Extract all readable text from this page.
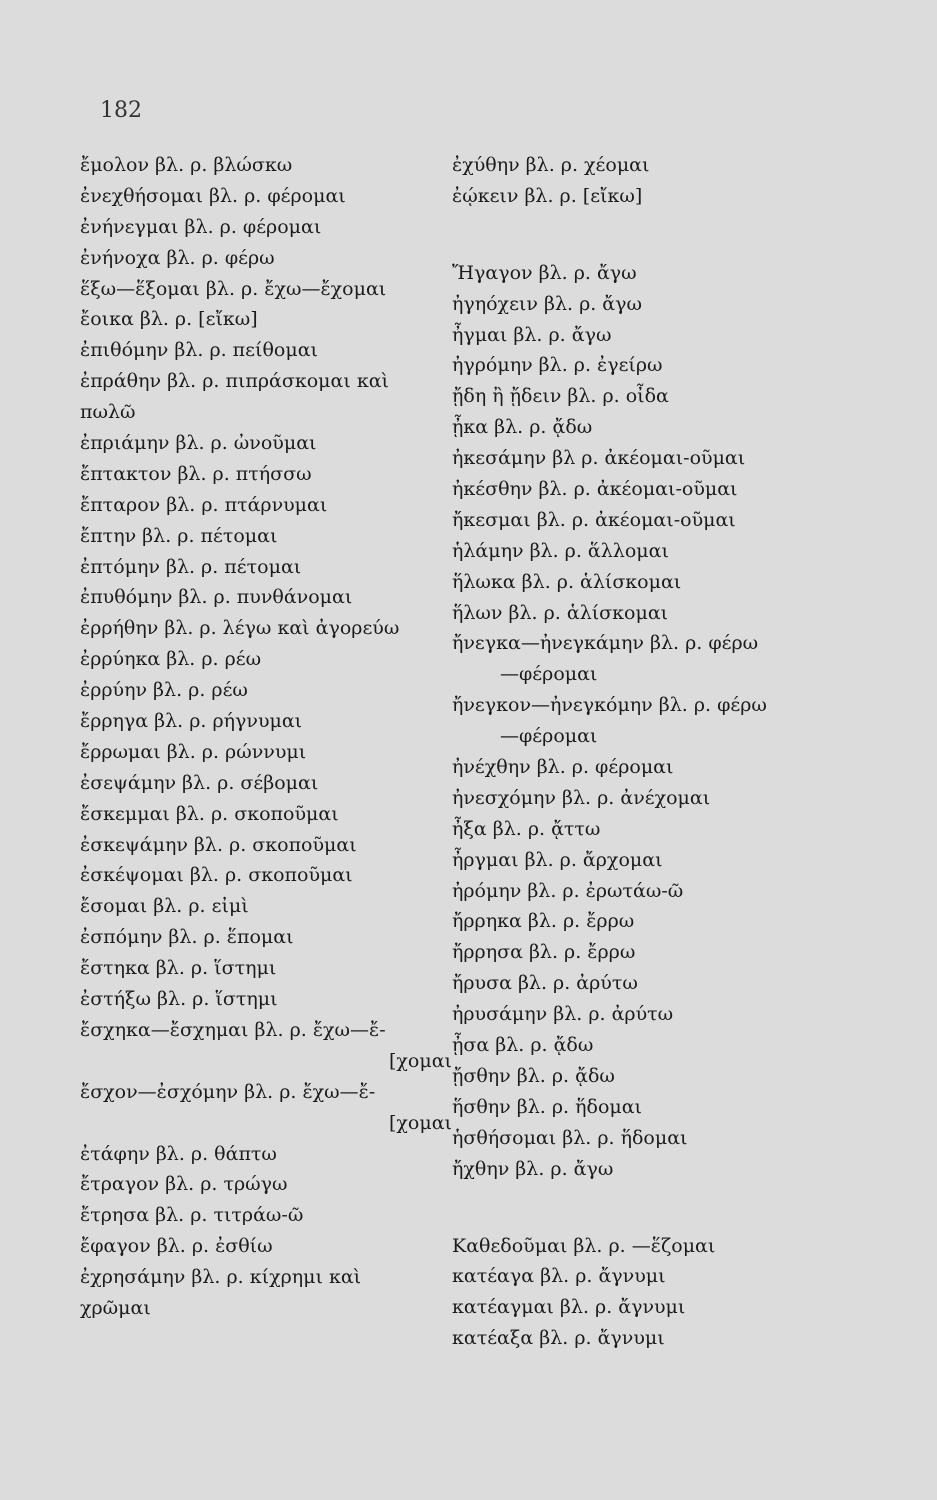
182
ἔμολον βλ. ρ. βλώσκω
ἐνεχθήσομαι βλ. ρ. φέρομαι
ἐνήνεγμαι βλ. ρ. φέρομαι
ἐνήνοχα βλ. ρ. φέρω
ἕξω—ἕξομαι βλ. ρ. ἔχω—ἔχομαι
ἔοικα βλ. ρ. [εἴκω]
ἐπιθόμην βλ. ρ. πείθομαι
ἐπράθην βλ. ρ. πιπράσκομαι καὶ
πωλῶ
ἐπριάμην βλ. ρ. ὠνοῦμαι
ἔπτακτον βλ. ρ. πτήσσω
ἔπταρον βλ. ρ. πτάρνυμαι
ἔπτην βλ. ρ. πέτομαι
ἐπτόμην βλ. ρ. πέτομαι
ἐπυθόμην βλ. ρ. πυνθάνομαι
ἐρρήθην βλ. ρ. λέγω καὶ ἀγορεύω
ἐρρύηκα βλ. ρ. ρέω
ἐρρύην βλ. ρ. ρέω
ἔρρηγα βλ. ρ. ρήγνυμαι
ἔρρωμαι βλ. ρ. ρώννυμι
ἐσεψάμην βλ. ρ. σέβομαι
ἔσκεμμαι βλ. ρ. σκοποῦμαι
ἐσκεψάμην βλ. ρ. σκοποῦμαι
ἐσκέψομαι βλ. ρ. σκοποῦμαι
ἔσομαι βλ. ρ. εἰμὶ
ἐσπόμην βλ. ρ. ἕπομαι
ἔστηκα βλ. ρ. ἵστημι
ἐστήξω βλ. ρ. ἵστημι
ἔσχηκα—ἔσχημαι βλ. ρ. ἔχω—ἔ-
[χομαι
ἔσχον—ἐσχόμην βλ. ρ. ἔχω—ἔ-
[χομαι
ἐτάφην βλ. ρ. θάπτω
ἔτραγον βλ. ρ. τρώγω
ἔτρησα βλ. ρ. τιτράω-ῶ
ἔφαγον βλ. ρ. ἐσθίω
ἐχρησάμην βλ. ρ. κίχρημι καὶ
χρῶμαι
ἐχύθην βλ. ρ. χέομαι
ἐῴκειν βλ. ρ. [εἴκω]
Ἤγαγον βλ. ρ. ἄγω
ἠγηόχειν βλ. ρ. ἄγω
ἦγμαι βλ. ρ. ἄγω
ἠγρόμην βλ. ρ. ἐγείρω
ᾔδη ἢ ᾔδειν βλ. ρ. οἶδα
ᾖκα βλ. ρ. ᾄδω
ἠκεσάμην βλ ρ. ἀκέομαι-οῦμαι
ἠκέσθην βλ. ρ. ἀκέομαι-οῦμαι
ἤκεσμαι βλ. ρ. ἀκέομαι-οῦμαι
ἡλάμην βλ. ρ. ἅλλομαι
ἥλωκα βλ. ρ. ἁλίσκομαι
ἥλων βλ. ρ. ἁλίσκομαι
ἤνεγκα—ἠνεγκάμην βλ. ρ. φέρω
—φέρομαι
ἤνεγκον—ἠνεγκόμην βλ. ρ. φέρω
—φέρομαι
ἠνέχθην βλ. ρ. φέρομαι
ἠνεσχόμην βλ. ρ. ἀνέχομαι
ἦξα βλ. ρ. ᾄττω
ἦργμαι βλ. ρ. ἄρχομαι
ἠρόμην βλ. ρ. ἐρωτάω-ῶ
ἤρρηκα βλ. ρ. ἔρρω
ἤρρησα βλ. ρ. ἔρρω
ἤρυσα βλ. ρ. ἀρύτω
ἠρυσάμην βλ. ρ. ἀρύτω
ᾖσα βλ. ρ. ᾄδω
ᾔσθην βλ. ρ. ᾄδω
ἥσθην βλ. ρ. ἥδομαι
ἡσθήσομαι βλ. ρ. ἥδομαι
ἤχθην βλ. ρ. ἄγω
Καθεδοῦμαι βλ. ρ. —ἕζομαι
κατέαγα βλ. ρ. ἄγνυμι
κατέαγμαι βλ. ρ. ἄγνυμι
κατέαξα βλ. ρ. ἄγνυμι
